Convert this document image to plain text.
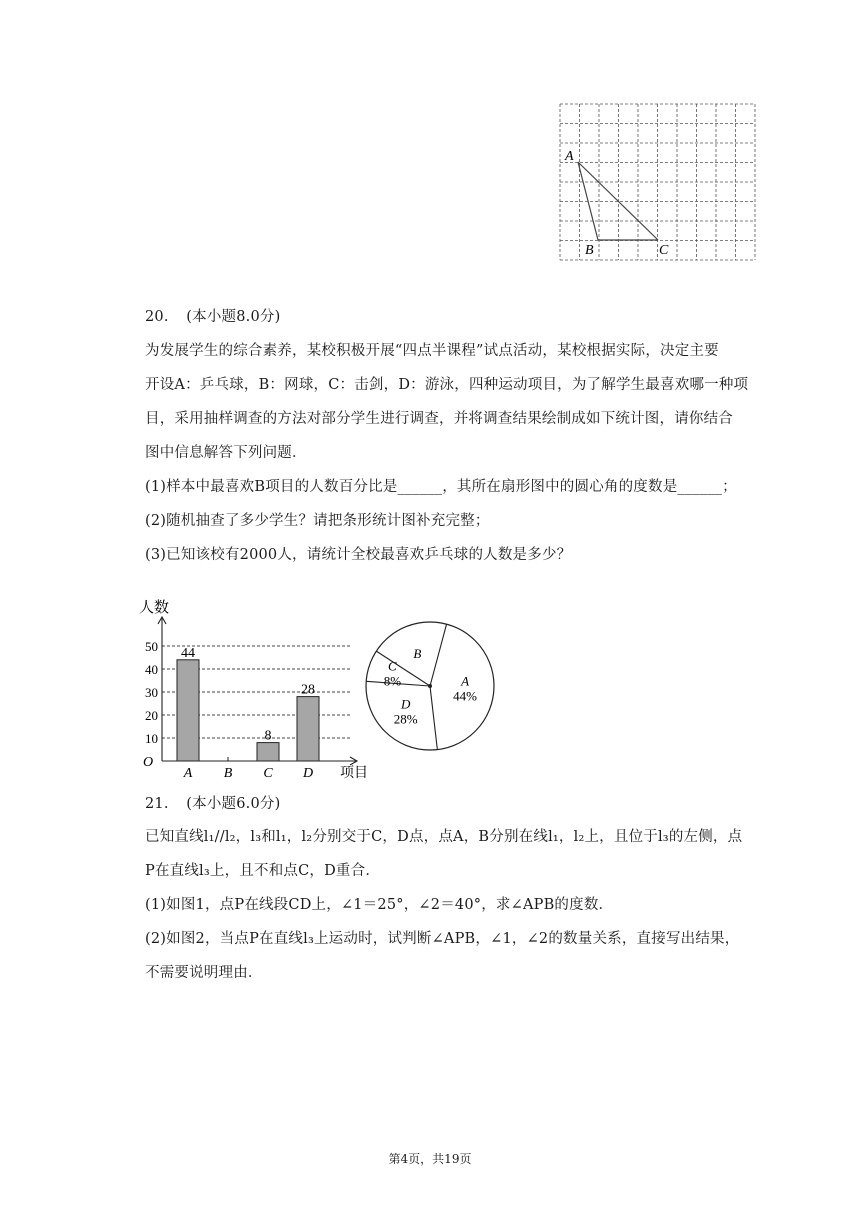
A
B	C
20. (本小题8.0分)
为发展学生的综合素养，某校积极开展“四点半课程”试点活动，某校根据实际，决定主要
开设A：乒乓球，B：网球，C：击剑，D：游泳，四种运动项目，为了解学生最喜欢哪一种项
目，采用抽样调查的方法对部分学生进行调查，并将调查结果绘制成如下统计图，请你结合
图中信息解答下列问题．
(1)样本中最喜欢B项目的人数百分比是______，其所在扇形图中的圆心角的度数是______；
(2)随机抽查了多少学生？请把条形统计图补充完整；
(3)已知该校有2000人，请统计全校最喜欢乒乓球的人数是多少？
10
20
30
40
50
人数
项目
O
44
A B
8
C
28
D
A
44%
D
28%
C
8%
B
21. (本小题6.0分)
已知直线l₁//l₂，l₃和l₁，l₂分别交于C，D点，点A，B分别在线l₁，l₂上，且位于l₃的左侧，点
P在直线l₃上，且不和点C，D重合．
(1)如图1，点P在线段CD上，∠1＝25°，∠2＝40°，求∠APB的度数．
(2)如图2，当点P在直线l₃上运动时，试判断∠APB，∠1，∠2的数量关系，直接写出结果，
不需要说明理由．
第4页，共19页
